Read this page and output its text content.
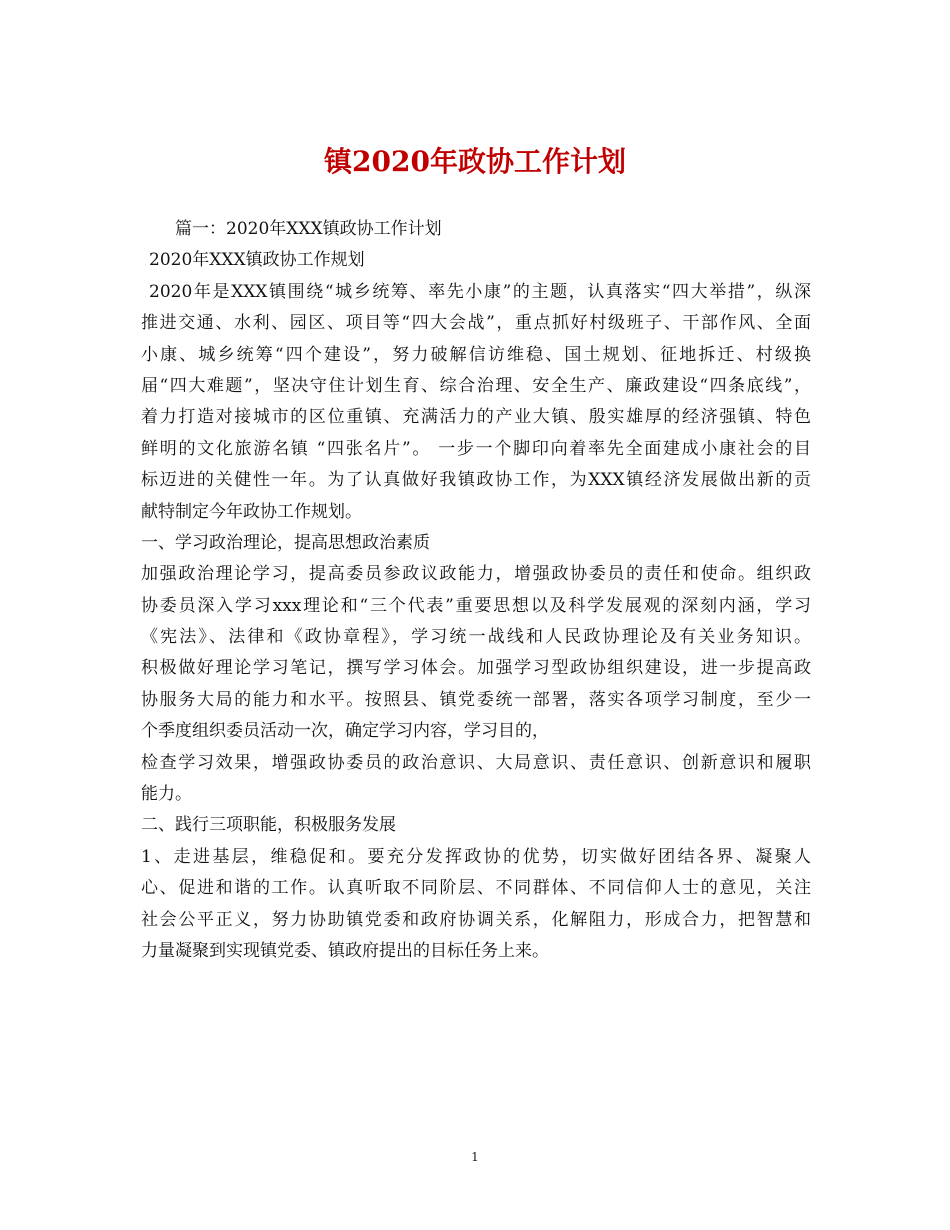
镇2020年政协工作计划
篇一：2020年XXX镇政协工作计划
2020年XXX镇政协工作规划
2020年是XXX镇围绕“城乡统筹、率先小康”的主题，认真落实“四大举措”，纵深
推进交通、水利、园区、项目等“四大会战”，重点抓好村级班子、干部作风、全面
小康、城乡统筹“四个建设”，努力破解信访维稳、国土规划、征地拆迁、村级换
届“四大难题”，坚决守住计划生育、综合治理、安全生产、廉政建设“四条底线”，
着力打造对接城市的区位重镇、充满活力的产业大镇、殷实雄厚的经济强镇、特色
鲜明的文化旅游名镇 “四张名片”。 一步一个脚印向着率先全面建成小康社会的目
标迈进的关健性一年。为了认真做好我镇政协工作，为XXX镇经济发展做出新的贡
献特制定今年政协工作规划。
一、学习政治理论，提高思想政治素质
加强政治理论学习，提高委员参政议政能力，增强政协委员的责任和使命。组织政
协委员深入学习xxx理论和“三个代表”重要思想以及科学发展观的深刻内涵，学习
《宪法》、法律和《政协章程》，学习统一战线和人民政协理论及有关业务知识。
积极做好理论学习笔记，撰写学习体会。加强学习型政协组织建设，进一步提高政
协服务大局的能力和水平。按照县、镇党委统一部署，落实各项学习制度，至少一
个季度组织委员活动一次，确定学习内容，学习目的，
检查学习效果，增强政协委员的政治意识、大局意识、责任意识、创新意识和履职
能力。
二、践行三项职能，积极服务发展
1、走进基层，维稳促和。要充分发挥政协的优势，切实做好团结各界、凝聚人
心、促进和谐的工作。认真听取不同阶层、不同群体、不同信仰人士的意见，关注
社会公平正义，努力协助镇党委和政府协调关系，化解阻力，形成合力，把智慧和
力量凝聚到实现镇党委、镇政府提出的目标任务上来。
1
